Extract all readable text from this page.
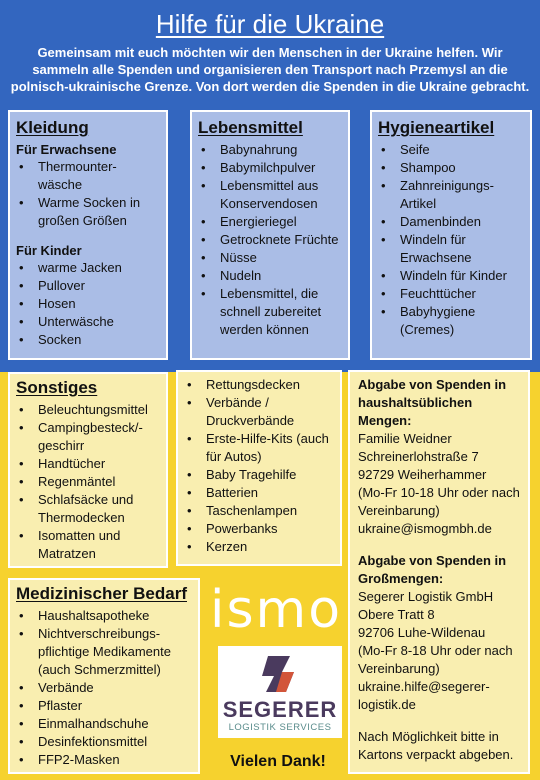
Hilfe für die Ukraine

Gemeinsam mit euch möchten wir den Menschen in der Ukraine helfen. Wir sammeln alle Spenden und organisieren den Transport nach Przemysl an die polnisch-ukrainische Grenze. Von dort werden die Spenden in die Ukraine gebracht.

Kleidung
Für Erwachsene
• Thermounter-wäsche
• Warme Socken in großen Größen
Für Kinder
• warme Jacken
• Pullover
• Hosen
• Unterwäsche
• Socken
Lebensmittel
• Babynahrung
• Babymilchpulver
• Lebensmittel aus Konservendosen
• Energieriegel
• Getrocknete Früchte
• Nüsse
• Nudeln
• Lebensmittel, die schnell zubereitet werden können
Hygieneartikel
• Seife
• Shampoo
• Zahnreinigungs-Artikel
• Damenbinden
• Windeln für Erwachsene
• Windeln für Kinder
• Feuchttücher
• Babyhygiene (Cremes)
Sonstiges
• Beleuchtungsmittel
• Campingbesteck/-geschirr
• Handtücher
• Regenmäntel
• Schlafsäcke und Thermodecken
• Isomatten und Matratzen
• Rettungsdecken
• Verbände / Druckverbände
• Erste-Hilfe-Kits (auch für Autos)
• Baby Tragehilfe
• Batterien
• Taschenlampen
• Powerbanks
• Kerzen

Abgabe von Spenden in haushaltsüblichen Mengen:
Familie Weidner
Schreinerlohstraße 7
92729 Weiherhammer
(Mo-Fr 10-18 Uhr oder nach Vereinbarung)
ukraine@ismogmbh.de

Abgabe von Spenden in Großmengen:
Segerer Logistik GmbH
Obere Tratt 8
92706 Luhe-Wildenau
(Mo-Fr 8-18 Uhr oder nach Vereinbarung)
ukraine.hilfe@segerer-logistik.de

Nach Möglichkeit bitte in Kartons verpackt abgeben.

Medizinischer Bedarf
• Haushaltsapotheke
• Nichtverschreibungs-pflichtige Medikamente (auch Schmerzmittel)
• Verbände
• Pflaster
• Einmalhandschuhe
• Desinfektionsmittel
• FFP2-Masken
ismo
SEGERER
LOGISTIK SERVICES
Vielen Dank!
